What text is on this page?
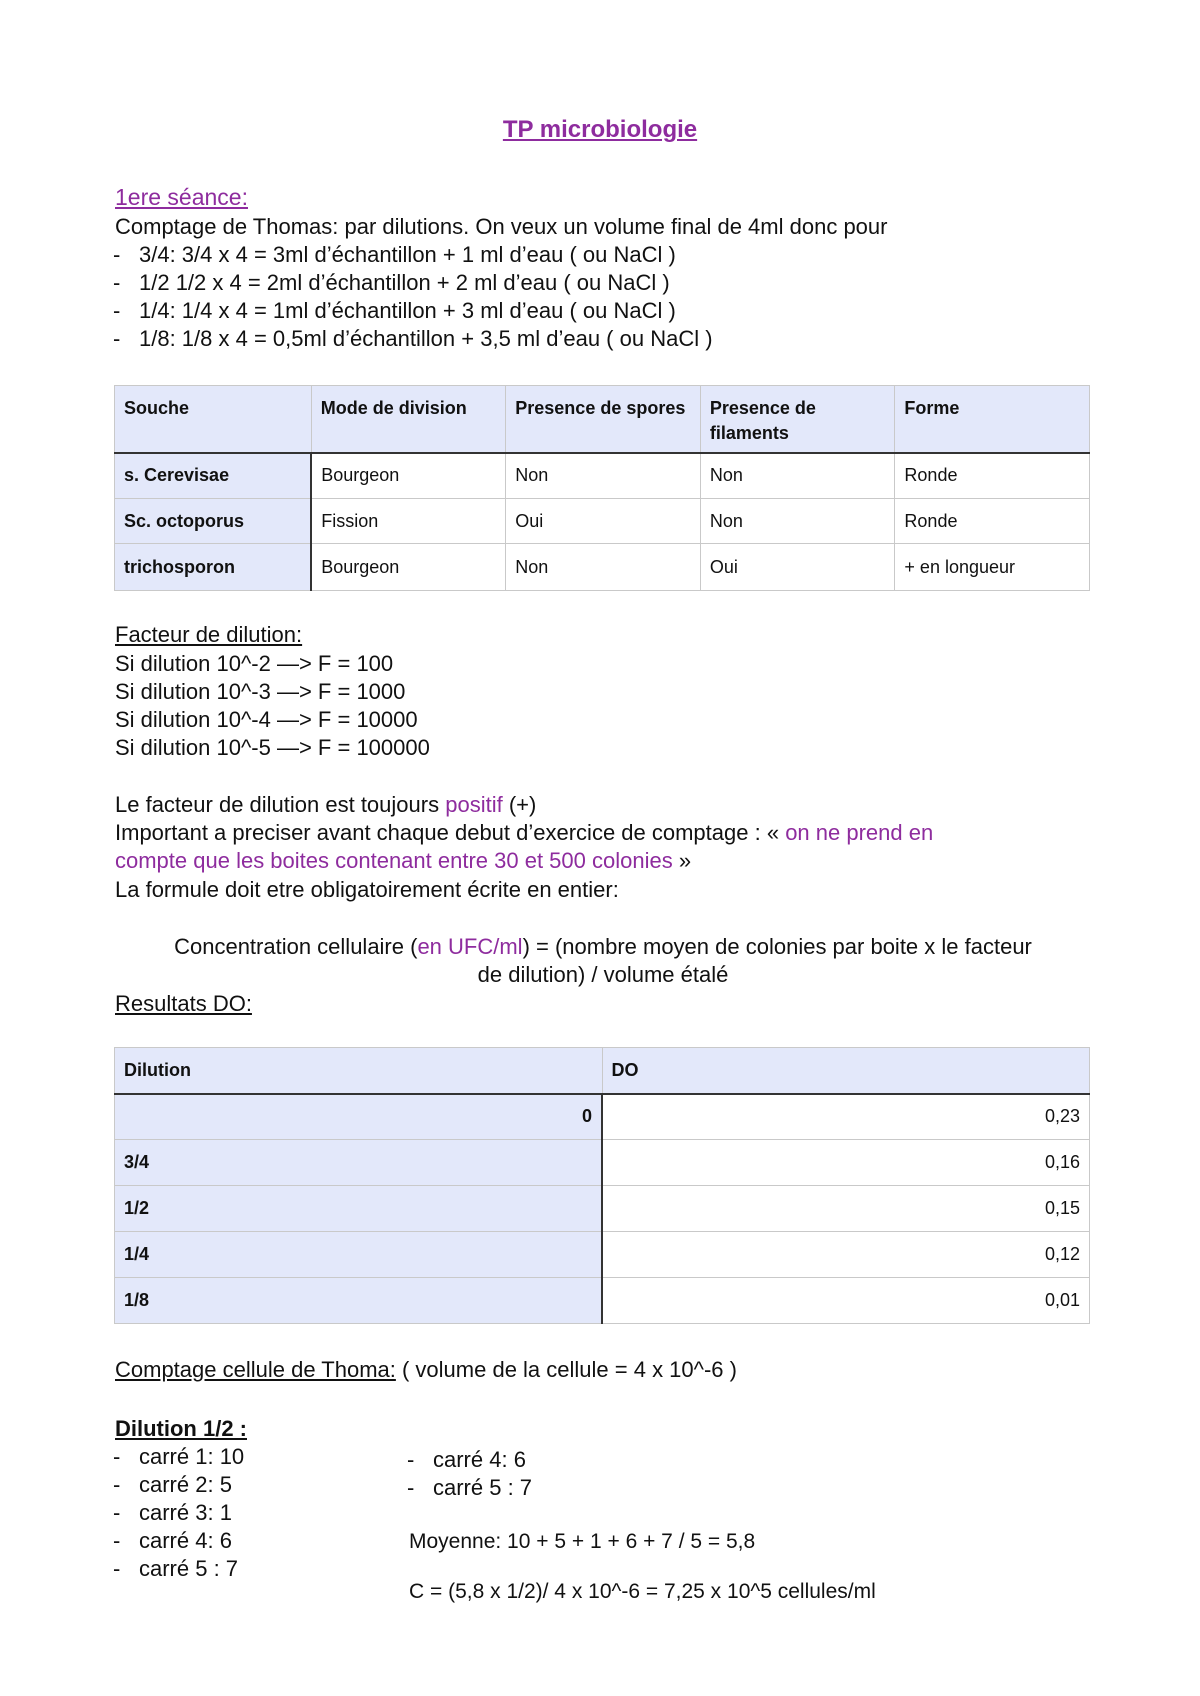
TP microbiologie
1ere séance:
Comptage de Thomas: par dilutions. On veux un volume final de 4ml donc pour
- 3/4: 3/4 x 4 = 3ml d’échantillon + 1 ml d’eau ( ou NaCl )
- 1/2 1/2 x 4 = 2ml d’échantillon + 2 ml d’eau ( ou NaCl )
- 1/4: 1/4 x 4 = 1ml d’échantillon + 3 ml d’eau ( ou NaCl )
- 1/8: 1/8 x 4 = 0,5ml d’échantillon + 3,5 ml d’eau ( ou NaCl )
Souche	Mode de division	Presence de spores	Presence de filaments	Forme
s. Cerevisae	Bourgeon	Non	Non	Ronde
Sc. octoporus	Fission	Oui	Non	Ronde
trichosporon	Bourgeon	Non	Oui	+ en longueur
Facteur de dilution:
Si dilution 10^-2 —> F = 100
Si dilution 10^-3 —> F = 1000
Si dilution 10^-4 —> F = 10000
Si dilution 10^-5 —> F = 100000
Le facteur de dilution est toujours positif (+)
Important a preciser avant chaque debut d’exercice de comptage : « on ne prend en
compte que les boites contenant entre 30 et 500 colonies »
La formule doit etre obligatoirement écrite en entier:
Concentration cellulaire (en UFC/ml) = (nombre moyen de colonies par boite x le facteur
de dilution) / volume étalé
Resultats DO:
Dilution	DO
0	0,23
3/4	0,16
1/2	0,15
1/4	0,12
1/8	0,01
Comptage cellule de Thoma: ( volume de la cellule = 4 x 10^-6 )
Dilution 1/2 :
- carré 1: 10
- carré 2: 5
- carré 3: 1
- carré 4: 6
- carré 5 : 7
- carré 4: 6
- carré 5 : 7
Moyenne: 10 + 5 + 1 + 6 + 7 / 5 = 5,8
C = (5,8 x 1/2)/ 4 x 10^-6 = 7,25 x 10^5 cellules/ml
